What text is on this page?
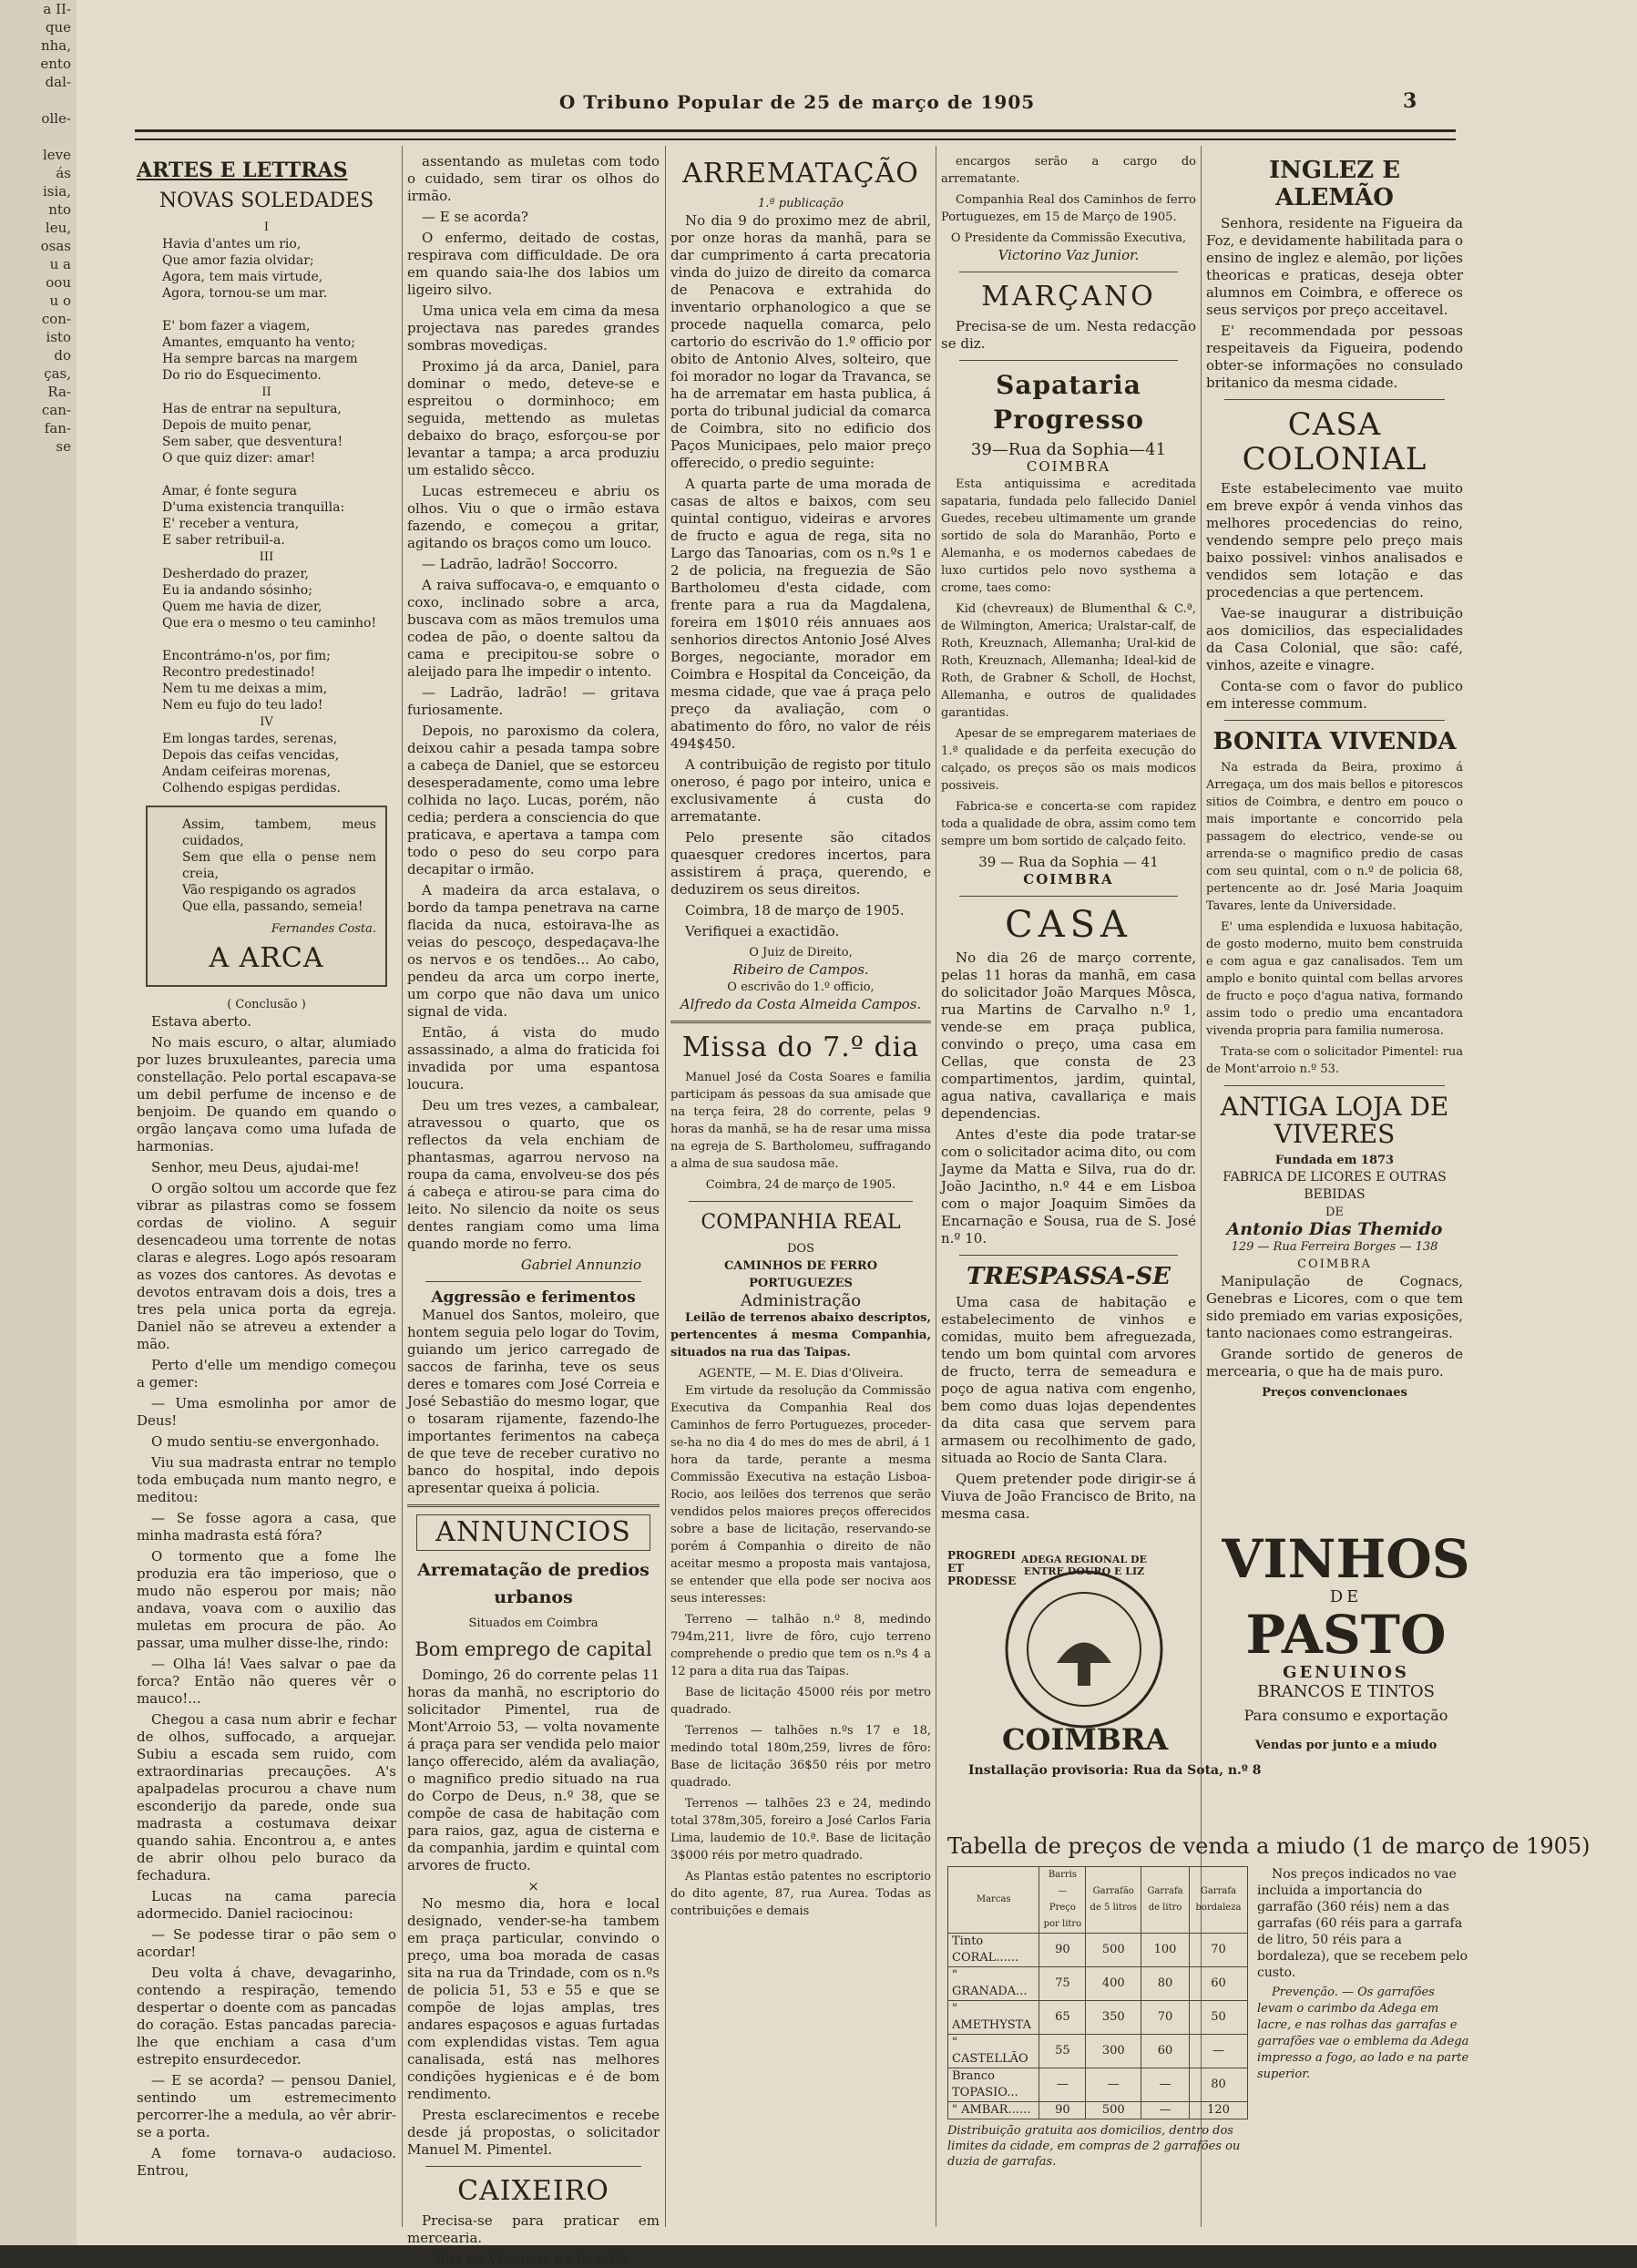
a II-
que
nha,
ento
dal-

olle-

leve
ás
isia,
nto
leu,
osas
u a
oou
u o
con-
isto
do
ças,
Ra-
can-
fan-
se
O Tribuno Popular de 25 de março de 1905	3
ARTES E LETTRAS
NOVAS SOLEDADES
I
Havia d'antes um rio,
Que amor fazia olvidar;
Agora, tem mais virtude,
Agora, tornou-se um mar.

E' bom fazer a viagem,
Amantes, emquanto ha vento;
Ha sempre barcas na margem
Do rio do Esquecimento.
II
Has de entrar na sepultura,
Depois de muito penar,
Sem saber, que desventura!
O que quiz dizer: amar!

Amar, é fonte segura
D'uma existencia tranquilla:
E' receber a ventura,
E saber retribuil-a.
III
Desherdado do prazer,
Eu ia andando sósinho;
Quem me havia de dizer,
Que era o mesmo o teu caminho!

Encontrámo-n'os, por fim;
Recontro predestinado!
Nem tu me deixas a mim,
Nem eu fujo do teu lado!
IV
Em longas tardes, serenas,
Depois das ceifas vencidas,
Andam ceifeiras morenas,
Colhendo espigas perdidas.
Assim, tambem, meus cuidados,
Sem que ella o pense nem creia,
Vão respigando os agrados
Que ella, passando, semeia!
Fernandes Costa.
A ARCA
( Conclusão )

Estava aberto.

No mais escuro, o altar, alumiado por luzes bruxuleantes, parecia uma constellação. Pelo portal escapava-se um debil perfume de incenso e de benjoim. De quando em quando o orgão lançava como uma lufada de harmonias.

Senhor, meu Deus, ajudai-me!

O orgão soltou um accorde que fez vibrar as pilastras como se fossem cordas de violino. A seguir desencadeou uma torrente de notas claras e alegres. Logo após resoaram as vozes dos cantores. As devotas e devotos entravam dois a dois, tres a tres pela unica porta da egreja. Daniel não se atreveu a extender a mão.

Perto d'elle um mendigo começou a gemer:

— Uma esmolinha por amor de Deus!

O mudo sentiu-se envergonhado.

Viu sua madrasta entrar no templo toda embuçada num manto negro, e meditou:

— Se fosse agora a casa, que minha madrasta está fóra?

O tormento que a fome lhe produzia era tão imperioso, que o mudo não esperou por mais; não andava, voava com o auxilio das muletas em procura de pão. Ao passar, uma mulher disse-lhe, rindo:

— Olha lá! Vaes salvar o pae da forca? Então não queres vêr o mauco!...

Chegou a casa num abrir e fechar de olhos, suffocado, a arquejar. Subiu a escada sem ruido, com extraordinarias precauções. A's apalpadelas procurou a chave num esconderijo da parede, onde sua madrasta a costumava deixar quando sahia. Encontrou a, e antes de abrir olhou pelo buraco da fechadura.

Lucas na cama parecia adormecido. Daniel raciocinou:

— Se podesse tirar o pão sem o acordar!

Deu volta á chave, devagarinho, contendo a respiração, temendo despertar o doente com as pancadas do coração. Estas pancadas parecia-lhe que enchiam a casa d'um estrepito ensurdecedor.

— E se acorda? — pensou Daniel, sentindo um estremecimento percorrer-lhe a medula, ao vêr abrir-se a porta.

A fome tornava-o audacioso. Entrou,

assentando as muletas com todo o cuidado, sem tirar os olhos do irmão.

— E se acorda?

O enfermo, deitado de costas, respirava com difficuldade. De ora em quando saia-lhe dos labios um ligeiro silvo.

Uma unica vela em cima da mesa projectava nas paredes grandes sombras movediças.

Proximo já da arca, Daniel, para dominar o medo, deteve-se e espreitou o dorminhoco; em seguida, mettendo as muletas debaixo do braço, esforçou-se por levantar a tampa; a arca produziu um estalido sêcco.

Lucas estremeceu e abriu os olhos. Viu o que o irmão estava fazendo, e começou a gritar, agitando os braços como um louco.

— Ladrão, ladrão! Soccorro.

A raiva suffocava-o, e emquanto o coxo, inclinado sobre a arca, buscava com as mãos tremulos uma codea de pão, o doente saltou da cama e precipitou-se sobre o aleijado para lhe impedir o intento.

— Ladrão, ladrão! — gritava furiosamente.

Depois, no paroxismo da colera, deixou cahir a pesada tampa sobre a cabeça de Daniel, que se estorceu desesperadamente, como uma lebre colhida no laço. Lucas, porém, não cedia; perdera a consciencia do que praticava, e apertava a tampa com todo o peso do seu corpo para decapitar o irmão.

A madeira da arca estalava, o bordo da tampa penetrava na carne flacida da nuca, estoirava-lhe as veias do pescoço, despedaçava-lhe os nervos e os tendões... Ao cabo, pendeu da arca um corpo inerte, um corpo que não dava um unico signal de vida.

Então, á vista do mudo assassinado, a alma do fraticida foi invadida por uma espantosa loucura.

Deu um tres vezes, a cambalear, atravessou o quarto, que os reflectos da vela enchiam de phantasmas, agarrou nervoso na roupa da cama, envolveu-se dos pés á cabeça e atirou-se para cima do leito. No silencio da noite os seus dentes rangiam como uma lima quando morde no ferro.

Gabriel Annunzio
Aggressão e ferimentos

Manuel dos Santos, moleiro, que hontem seguia pelo logar do Tovim, guiando um jerico carregado de saccos de farinha, teve os seus deres e tomares com José Correia e José Sebastião do mesmo logar, que o tosaram rijamente, fazendo-lhe importantes ferimentos na cabeça de que teve de receber curativo no banco do hospital, indo depois apresentar queixa á policia.

ANNUNCIOS
Arrematação de predios urbanos
Situados em Coimbra
Bom emprego de capital

Domingo, 26 do corrente pelas 11 horas da manhã, no escriptorio do solicitador Pimentel, rua de Mont'Arroio 53, — volta novamente á praça para ser vendida pelo maior lanço offerecido, além da avaliação, o magnifico predio situado na rua do Corpo de Deus, n.º 38, que se compõe de casa de habitação com para raios, gaz, agua de cisterna e da companhia, jardim e quintal com arvores de fructo.

×

No mesmo dia, hora e local designado, vender-se-ha tambem em praça particular, convindo o preço, uma boa morada de casas sita na rua da Trindade, com os n.ºs de policia 51, 53 e 55 e que se compõe de lojas amplas, tres andares espaçosos e aguas furtadas com explendidas vistas. Tem agua canalisada, está nas melhores condições hygienicas e é de bom rendimento.

Presta esclarecimentos e recebe desde já propostas, o solicitador Manuel M. Pimentel.

CAIXEIRO

Precisa-se para praticar em mercearia.

Rua do Visconde da Luz, 60.
ARREMATAÇÃO
1.ª publicação

No dia 9 do proximo mez de abril, por onze horas da manhã, para se dar cumprimento á carta precatoria vinda do juizo de direito da comarca de Penacova e extrahida do inventario orphanologico a que se procede naquella comarca, pelo cartorio do escrivão do 1.º officio por obito de Antonio Alves, solteiro, que foi morador no logar da Travanca, se ha de arrematar em hasta publica, á porta do tribunal judicial da comarca de Coimbra, sito no edificio dos Paços Municipaes, pelo maior preço offerecido, o predio seguinte:

A quarta parte de uma morada de casas de altos e baixos, com seu quintal contiguo, videiras e arvores de fructo e agua de rega, sita no Largo das Tanoarias, com os n.ºs 1 e 2 de policia, na freguezia de São Bartholomeu d'esta cidade, com frente para a rua da Magdalena, foreira em 1$010 réis annuaes aos senhorios directos Antonio José Alves Borges, negociante, morador em Coimbra e Hospital da Conceição, da mesma cidade, que vae á praça pelo preço da avaliação, com o abatimento do fôro, no valor de réis 494$450.

A contribuição de registo por titulo oneroso, é pago por inteiro, unica e exclusivamente á custa do arrematante.

Pelo presente são citados quaesquer credores incertos, para assistirem á praça, querendo, e deduzirem os seus direitos.

Coimbra, 18 de março de 1905.

Verifiquei a exactidão.

O Juiz de Direito,
Ribeiro de Campos.
O escrivão do 1.º officio,
Alfredo da Costa Almeida Campos.
Missa do 7.º dia

Manuel José da Costa Soares e familia participam ás pessoas da sua amisade que na terça feira, 28 do corrente, pelas 9 horas da manhã, se ha de resar uma missa na egreja de S. Bartholomeu, suffragando a alma de sua saudosa mãe.

Coimbra, 24 de março de 1905.
COMPANHIA REAL
DOS
CAMINHOS DE FERRO PORTUGUEZES
Administração

Leilão de terrenos abaixo descriptos, pertencentes á mesma Companhia, situados na rua das Taipas.

AGENTE, — M. E. Dias d'Oliveira.

Em virtude da resolução da Commissão Executiva da Companhia Real dos Caminhos de ferro Portuguezes, proceder-se-ha no dia 4 do mes do mes de abril, á 1 hora da tarde, perante a mesma Commissão Executiva na estação Lisboa-Rocio, aos leilões dos terrenos que serão vendidos pelos maiores preços offerecidos sobre a base de licitação, reservando-se porém á Companhia o direito de não aceitar mesmo a proposta mais vantajosa, se entender que ella pode ser nociva aos seus interesses:

Terreno — talhão n.º 8, medindo 794m,211, livre de fôro, cujo terreno comprehende o predio que tem os n.ºs 4 a 12 para a dita rua das Taipas.

Base de licitação 45000 réis por metro quadrado.

Terrenos — talhões n.ºs 17 e 18, medindo total 180m,259, livres de fôro: Base de licitação 36$50 réis por metro quadrado.

Terrenos — talhões 23 e 24, medindo total 378m,305, foreiro a José Carlos Faria Lima, laudemio de 10.ª. Base de licitação 3$000 réis por metro quadrado.

As Plantas estão patentes no escriptorio do dito agente, 87, rua Aurea. Todas as contribuições e demais

encargos serão a cargo do arrematante.

Companhia Real dos Caminhos de ferro Portuguezes, em 15 de Março de 1905.

O Presidente da Commissão Executiva,
Victorino Vaz Junior.
MARÇANO

Precisa-se de um. Nesta redacção se diz.

Sapataria Progresso
39—Rua da Sophia—41
COIMBRA

Esta antiquissima e acreditada sapataria, fundada pelo fallecido Daniel Guedes, recebeu ultimamente um grande sortido de sola do Maranhão, Porto e Alemanha, e os modernos cabedaes de luxo curtidos pelo novo systhema a crome, taes como:

Kid (chevreaux) de Blumenthal & C.ª, de Wilmington, America; Uralstar-calf, de Roth, Kreuznach, Allemanha; Ural-kid de Roth, Kreuznach, Allemanha; Ideal-kid de Roth, de Grabner & Scholl, de Hochst, Allemanha, e outros de qualidades garantidas.

Apesar de se empregarem materiaes de 1.ª qualidade e da perfeita execução do calçado, os preços são os mais modicos possiveis.

Fabrica-se e concerta-se com rapidez toda a qualidade de obra, assim como tem sempre um bom sortido de calçado feito.

39 — Rua da Sophia — 41
COIMBRA
CASA

No dia 26 de março corrente, pelas 11 horas da manhã, em casa do solicitador João Marques Môsca, rua Martins de Carvalho n.º 1, vende-se em praça publica, convindo o preço, uma casa em Cellas, que consta de 23 compartimentos, jardim, quintal, agua nativa, cavallariça e mais dependencias.

Antes d'este dia pode tratar-se com o solicitador acima dito, ou com Jayme da Matta e Silva, rua do dr. João Jacintho, n.º 44 e em Lisboa com o major Joaquim Simões da Encarnação e Sousa, rua de S. José n.º 10.

TRESPASSA-SE

Uma casa de habitação e estabelecimento de vinhos e comidas, muito bem afreguezada, tendo um bom quintal com arvores de fructo, terra de semeadura e poço de agua nativa com engenho, bem como duas lojas dependentes da dita casa que servem para armasem ou recolhimento de gado, situada ao Rocio de Santa Clara.

Quem pretender pode dirigir-se á Viuva de João Francisco de Brito, na mesma casa.

INGLEZ E ALEMÃO

Senhora, residente na Figueira da Foz, e devidamente habilitada para o ensino de inglez e alemão, por lições theoricas e praticas, deseja obter alumnos em Coimbra, e offerece os seus serviços por preço acceitavel.

E' recommendada por pessoas respeitaveis da Figueira, podendo obter-se informações no consulado britanico da mesma cidade.

CASA COLONIAL

Este estabelecimento vae muito em breve expôr á venda vinhos das melhores procedencias do reino, vendendo sempre pelo preço mais baixo possivel: vinhos analisados e vendidos sem lotação e das procedencias a que pertencem.

Vae-se inaugurar a distribuição aos domicilios, das especialidades da Casa Colonial, que são: café, vinhos, azeite e vinagre.

Conta-se com o favor do publico em interesse commum.

BONITA VIVENDA

Na estrada da Beira, proximo á Arregaça, um dos mais bellos e pitorescos sitios de Coimbra, e dentro em pouco o mais importante e concorrido pela passagem do electrico, vende-se ou arrenda-se o magnifico predio de casas com seu quintal, com o n.º de policia 68, pertencente ao dr. José Maria Joaquim Tavares, lente da Universidade.

E' uma esplendida e luxuosa habitação, de gosto moderno, muito bem construida e com agua e gaz canalisados. Tem um amplo e bonito quintal com bellas arvores de fructo e poço d'agua nativa, formando assim todo o predio uma encantadora vivenda propria para familia numerosa.

Trata-se com o solicitador Pimentel: rua de Mont'arroio n.º 53.

ANTIGA LOJA DE VIVERES
Fundada em 1873
FABRICA DE LICORES E OUTRAS BEBIDAS
DE
Antonio Dias Themido
129 — Rua Ferreira Borges — 138
COIMBRA

Manipulação de Cognacs, Genebras e Licores, com o que tem sido premiado em varias exposições, tanto nacionaes como estrangeiras.

Grande sortido de generos de mercearia, o que ha de mais puro.

Preços convencionaes
PROGREDI ET PRODESSE
ADEGA REGIONAL DE ENTRE DOURO E LIZ
COIMBRA
Installação provisoria: Rua da Sota, n.º 8
VINHOS
DE
PASTO
GENUINOS
BRANCOS E TINTOS
Para consumo e exportação
Vendas por junto e a miudo
Tabella de preços de venda a miudo (1 de março de 1905)
Marcas	Barris — Preço por litro	Garrafão de 5 litros	Garrafa de litro	Garrafa bordaleza
Tinto CORAL......	90	500	100	70
" GRANADA...	75	400	80	60
" AMETHYSTA	65	350	70	50
" CASTELLÃO	55	300	60	—
Branco TOPASIO...	—	—	—	80
" AMBAR......	90	500	—	120
Distribuição gratuita aos domicilios, dentro dos limites da cidade, em compras de 2 garrafões ou duzia de garrafas.

Nos preços indicados no vae incluida a importancia do garrafão (360 réis) nem a das garrafas (60 réis para a garrafa de litro, 50 réis para a bordaleza), que se recebem pelo custo.

Prevenção. — Os garrafões levam o carimbo da Adega em lacre, e nas rolhas das garrafas e garrafões vae o emblema da Adega impresso a fogo, ao lado e na parte superior.
